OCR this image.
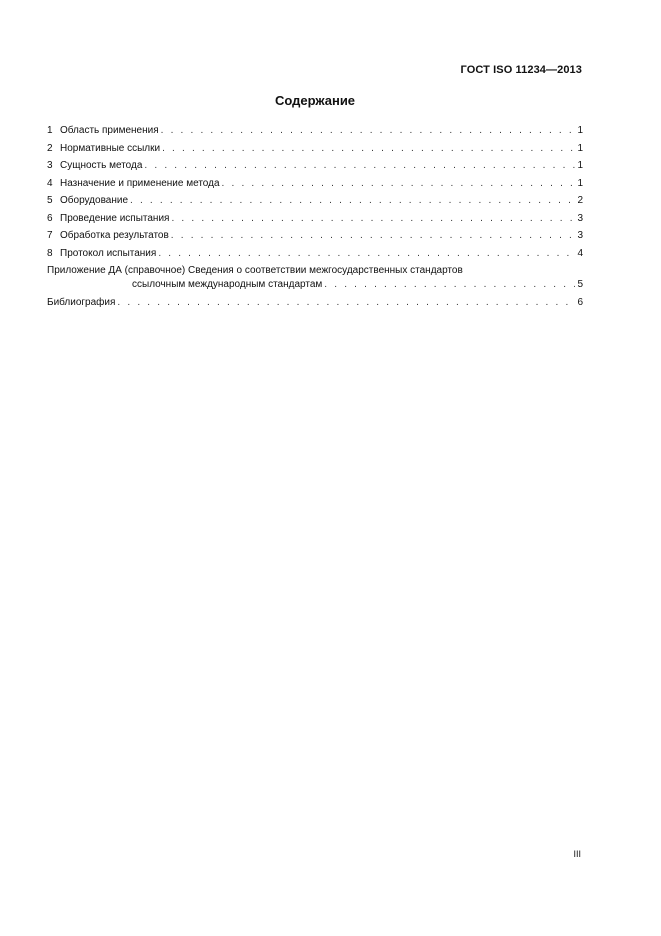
ГОСТ ISO 11234—2013
Содержание
1 Область применения . . .	1
2 Нормативные ссылки . . .	1
3 Сущность метода . . .	1
4 Назначение и применение метода . . .	1
5 Оборудование . . .	2
6 Проведение испытания . . .	3
7 Обработка результатов . . .	3
8 Протокол испытания . . .	4
Приложение ДА (справочное) Сведения о соответствии межгосударственных стандартов
ссылочным международным стандартам . . .	5
Библиография . . .	6
III
